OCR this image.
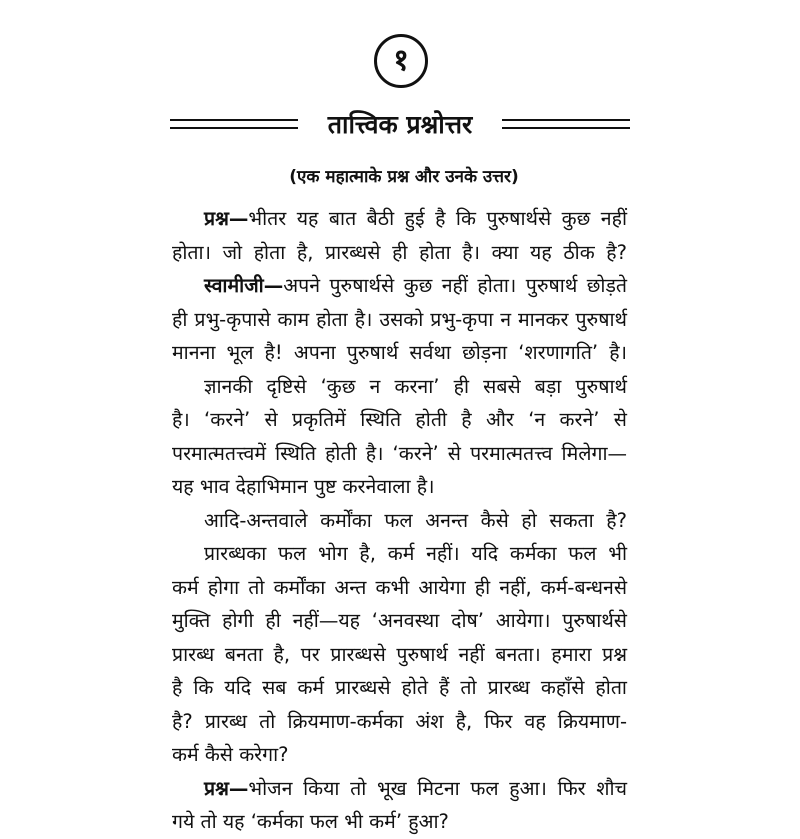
१
तात्त्विक प्रश्नोत्तर
(एक महात्माके प्रश्न और उनके उत्तर)
प्रश्न—भीतर यह बात बैठी हुई है कि पुरुषार्थसे कुछ नहीं
होता। जो होता है, प्रारब्धसे ही होता है। क्या यह ठीक है?
स्वामीजी—अपने पुरुषार्थसे कुछ नहीं होता। पुरुषार्थ छोड़ते
ही प्रभु-कृपासे काम होता है। उसको प्रभु-कृपा न मानकर पुरुषार्थ
मानना भूल है! अपना पुरुषार्थ सर्वथा छोड़ना ‘शरणागति’ है।
ज्ञानकी दृष्टिसे ‘कुछ न करना’ ही सबसे बड़ा पुरुषार्थ
है। ‘करने’ से प्रकृतिमें स्थिति होती है और ‘न करने’ से
परमात्मतत्त्वमें स्थिति होती है। ‘करने’ से परमात्मतत्त्व मिलेगा—
यह भाव देहाभिमान पुष्ट करनेवाला है।
आदि-अन्तवाले कर्मोंका फल अनन्त कैसे हो सकता है?
प्रारब्धका फल भोग है, कर्म नहीं। यदि कर्मका फल भी
कर्म होगा तो कर्मोंका अन्त कभी आयेगा ही नहीं, कर्म-बन्धनसे
मुक्ति होगी ही नहीं—यह ‘अनवस्था दोष’ आयेगा। पुरुषार्थसे
प्रारब्ध बनता है, पर प्रारब्धसे पुरुषार्थ नहीं बनता। हमारा प्रश्न
है कि यदि सब कर्म प्रारब्धसे होते हैं तो प्रारब्ध कहाँसे होता
है? प्रारब्ध तो क्रियमाण-कर्मका अंश है, फिर वह क्रियमाण-
कर्म कैसे करेगा?
प्रश्न—भोजन किया तो भूख मिटना फल हुआ। फिर शौच
गये तो यह ‘कर्मका फल भी कर्म’ हुआ?
